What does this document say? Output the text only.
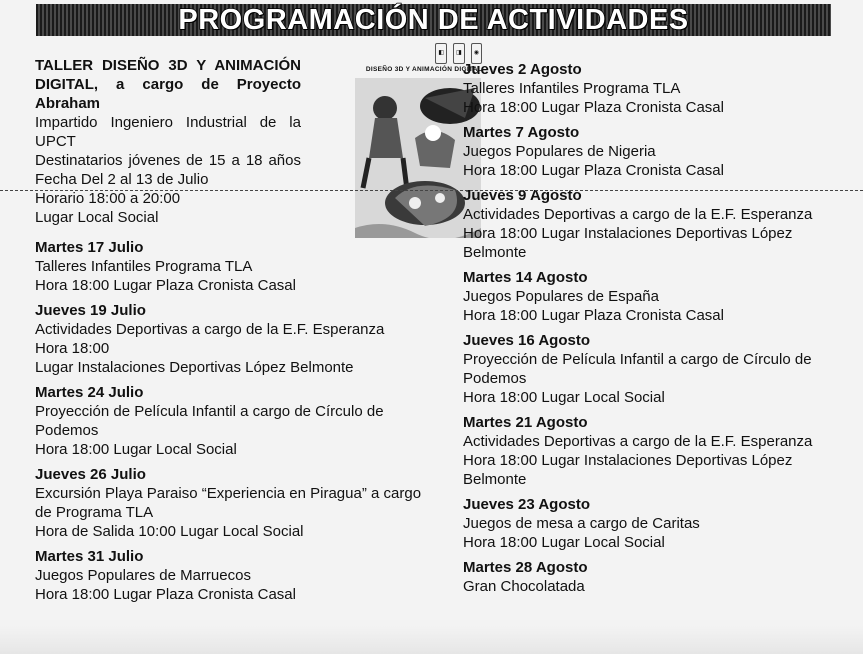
PROGRAMACIÓN DE ACTIVIDADES
TALLER DISEÑO 3D Y ANIMACIÓN DIGITAL, a cargo de Proyecto Abraham
Impartido Ingeniero Industrial de la UPCT
Destinatarios jóvenes de 15 a 18 años Fecha Del 2 al 13 de Julio
Horario 18:00 a 20:00
Lugar Local Social
◧	◨	◉
DISEÑO 3D Y ANIMACIÓN DIGITAL
Martes 17 Julio
Talleres Infantiles Programa TLA
Hora 18:00 Lugar Plaza Cronista Casal
Jueves 19 Julio
Actividades Deportivas a cargo de la E.F. Esperanza
Hora 18:00
Lugar Instalaciones Deportivas López Belmonte
Martes 24 Julio
Proyección de Película Infantil a cargo de Círculo de Podemos
Hora 18:00 Lugar Local Social
Jueves 26 Julio
Excursión Playa Paraiso “Experiencia en Piragua” a cargo de Programa TLA
Hora de Salida 10:00 Lugar Local Social
Martes 31 Julio
Juegos Populares de Marruecos
Hora 18:00 Lugar Plaza Cronista Casal
Jueves 2 Agosto
Talleres Infantiles Programa TLA
Hora 18:00 Lugar Plaza Cronista Casal
Martes 7 Agosto
Juegos Populares de Nigeria
Hora 18:00 Lugar Plaza Cronista Casal
Jueves 9 Agosto
Actividades Deportivas a cargo de la E.F. Esperanza
Hora 18:00 Lugar Instalaciones Deportivas López Belmonte
Martes 14 Agosto
Juegos Populares de España
Hora 18:00 Lugar Plaza Cronista Casal
Jueves 16 Agosto
Proyección de Película Infantil a cargo de Círculo de Podemos
Hora 18:00 Lugar Local Social
Martes 21 Agosto
Actividades Deportivas a cargo de la E.F. Esperanza
Hora 18:00 Lugar Instalaciones Deportivas López Belmonte
Jueves 23 Agosto
Juegos de mesa a cargo de Caritas
Hora 18:00 Lugar Local Social
Martes 28 Agosto
Gran Chocolatada
